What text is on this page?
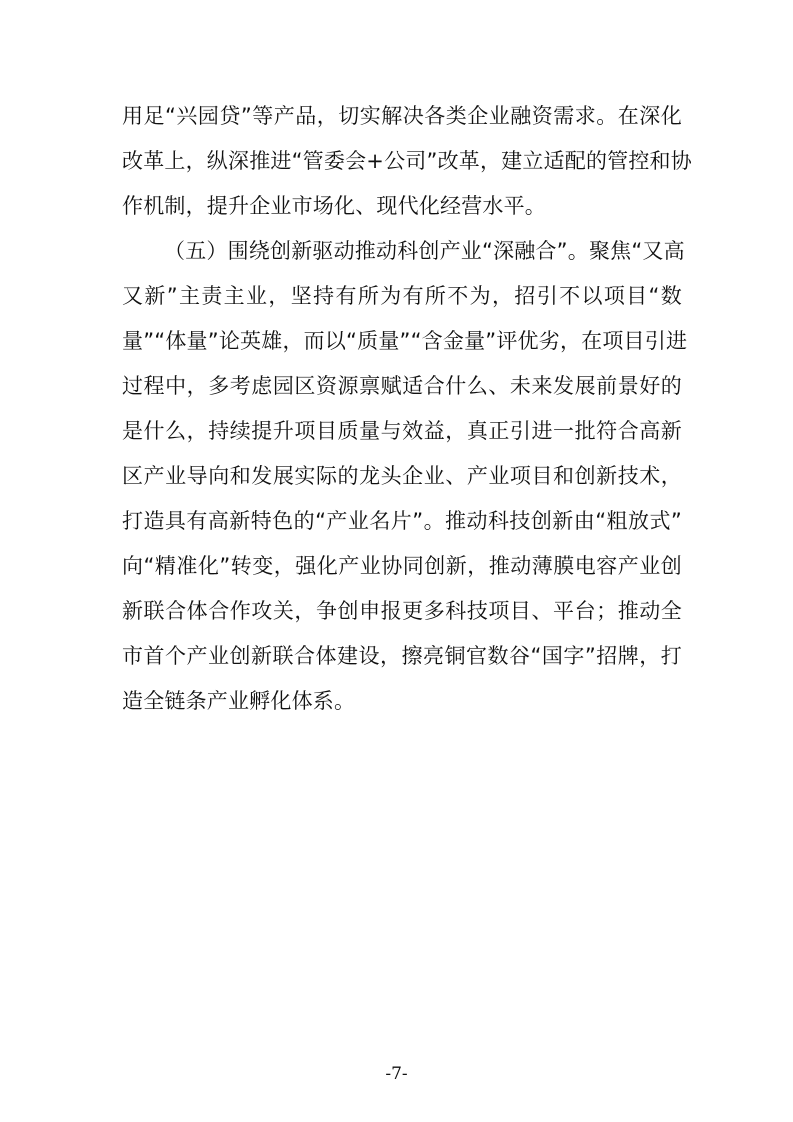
用足“兴园贷”等产品，切实解决各类企业融资需求。在深化
改革上，纵深推进“管委会+公司”改革，建立适配的管控和协
作机制，提升企业市场化、现代化经营水平。
（五）围绕创新驱动推动科创产业“深融合”。聚焦“又高
又新”主责主业，坚持有所为有所不为，招引不以项目“数
量”“体量”论英雄，而以“质量”“含金量”评优劣，在项目引进
过程中，多考虑园区资源禀赋适合什么、未来发展前景好的
是什么，持续提升项目质量与效益，真正引进一批符合高新
区产业导向和发展实际的龙头企业、产业项目和创新技术，
打造具有高新特色的“产业名片”。推动科技创新由“粗放式”
向“精准化”转变，强化产业协同创新，推动薄膜电容产业创
新联合体合作攻关，争创申报更多科技项目、平台；推动全
市首个产业创新联合体建设，擦亮铜官数谷“国字”招牌，打
造全链条产业孵化体系。
-7-
